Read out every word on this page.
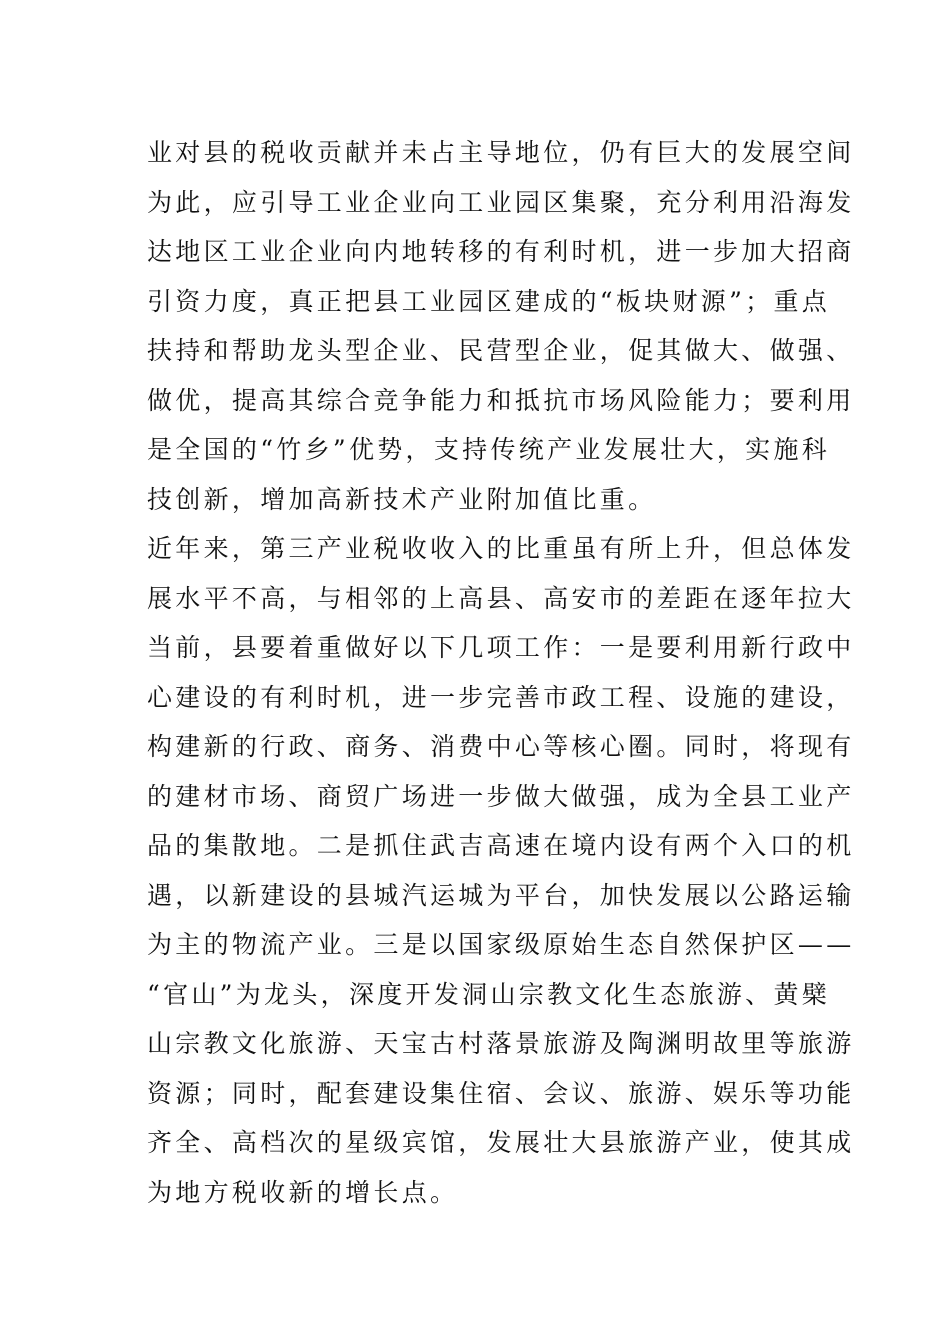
业对县的税收贡献并未占主导地位，仍有巨大的发展空间
为此，应引导工业企业向工业园区集聚，充分利用沿海发
达地区工业企业向内地转移的有利时机，进一步加大招商
引资力度，真正把县工业园区建成的“板块财源”；重点
扶持和帮助龙头型企业、民营型企业，促其做大、做强、
做优，提高其综合竞争能力和抵抗市场风险能力；要利用
是全国的“竹乡”优势，支持传统产业发展壮大，实施科
技创新，增加高新技术产业附加值比重。
近年来，第三产业税收收入的比重虽有所上升，但总体发
展水平不高，与相邻的上高县、高安市的差距在逐年拉大
当前，县要着重做好以下几项工作：一是要利用新行政中
心建设的有利时机，进一步完善市政工程、设施的建设，
构建新的行政、商务、消费中心等核心圈。同时，将现有
的建材市场、商贸广场进一步做大做强，成为全县工业产
品的集散地。二是抓住武吉高速在境内设有两个入口的机
遇，以新建设的县城汽运城为平台，加快发展以公路运输
为主的物流产业。三是以国家级原始生态自然保护区——
“官山”为龙头，深度开发洞山宗教文化生态旅游、黄檗
山宗教文化旅游、天宝古村落景旅游及陶渊明故里等旅游
资源；同时，配套建设集住宿、会议、旅游、娱乐等功能
齐全、高档次的星级宾馆，发展壮大县旅游产业，使其成
为地方税收新的增长点。
